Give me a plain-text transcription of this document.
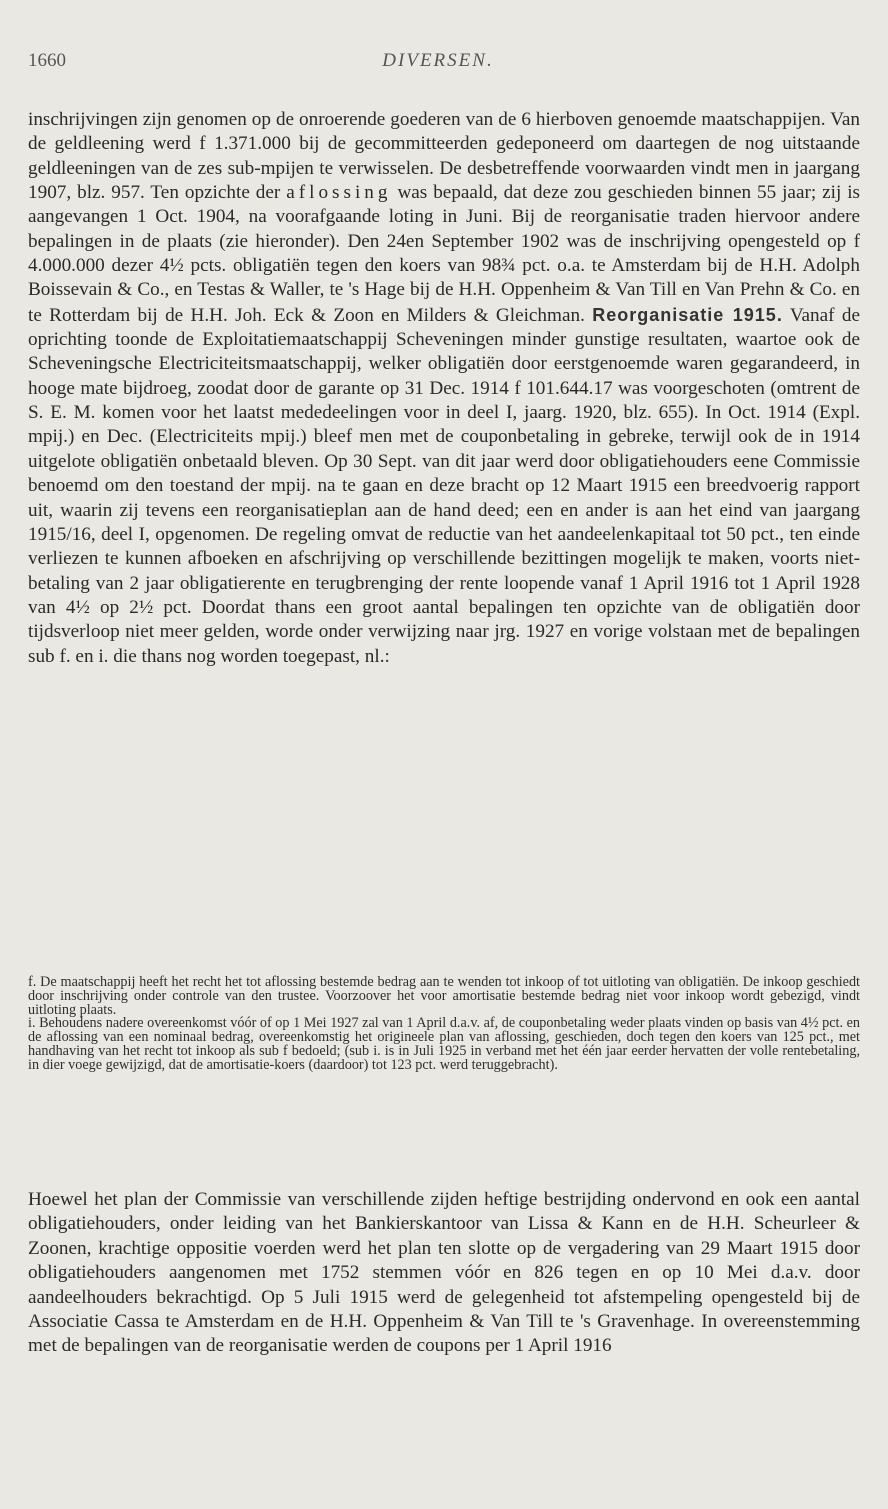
1660	DIVERSEN.
inschrijvingen zijn genomen op de onroerende goederen van de 6 hierboven genoemde maatschappijen. Van de geldleening werd f 1.371.000 bij de gecommitteerden gedeponeerd om daartegen de nog uitstaande geldleeningen van de zes sub-mpijen te verwisselen. De desbetreffende voorwaarden vindt men in jaargang 1907, blz. 957. Ten opzichte der aflossing was bepaald, dat deze zou geschieden binnen 55 jaar; zij is aangevangen 1 Oct. 1904, na voorafgaande loting in Juni. Bij de reorganisatie traden hiervoor andere bepalingen in de plaats (zie hieronder). Den 24en September 1902 was de inschrijving opengesteld op f 4.000.000 dezer 4½ pcts. obligatiën tegen den koers van 98¾ pct. o.a. te Amsterdam bij de H.H. Adolph Boissevain & Co., en Testas & Waller, te 's Hage bij de H.H. Oppenheim & Van Till en Van Prehn & Co. en te Rotterdam bij de H.H. Joh. Eck & Zoon en Milders & Gleichman. Reorganisatie 1915. Vanaf de oprichting toonde de Exploitatiemaatschappij Scheveningen minder gunstige resultaten, waartoe ook de Scheveningsche Electriciteitsmaatschappij, welker obligatiën door eerstgenoemde waren gegarandeerd, in hooge mate bijdroeg, zoodat door de garante op 31 Dec. 1914 f 101.644.17 was voorgeschoten (omtrent de S. E. M. komen voor het laatst mededeelingen voor in deel I, jaarg. 1920, blz. 655). In Oct. 1914 (Expl. mpij.) en Dec. (Electriciteits mpij.) bleef men met de couponbetaling in gebreke, terwijl ook de in 1914 uitgelote obligatiën onbetaald bleven. Op 30 Sept. van dit jaar werd door obligatiehouders eene Commissie benoemd om den toestand der mpij. na te gaan en deze bracht op 12 Maart 1915 een breedvoerig rapport uit, waarin zij tevens een reorganisatieplan aan de hand deed; een en ander is aan het eind van jaargang 1915/16, deel I, opgenomen. De regeling omvat de reductie van het aandeelenkapitaal tot 50 pct., ten einde verliezen te kunnen afboeken en afschrijving op verschillende bezittingen mogelijk te maken, voorts niet-betaling van 2 jaar obligatierente en terugbrenging der rente loopende vanaf 1 April 1916 tot 1 April 1928 van 4½ op 2½ pct. Doordat thans een groot aantal bepalingen ten opzichte van de obligatiën door tijdsverloop niet meer gelden, worde onder verwijzing naar jrg. 1927 en vorige volstaan met de bepalingen sub f. en i. die thans nog worden toegepast, nl.:

f. De maatschappij heeft het recht het tot aflossing bestemde bedrag aan te wenden tot inkoop of tot uitloting van obligatiën. De inkoop geschiedt door inschrijving onder controle van den trustee. Voorzoover het voor amortisatie bestemde bedrag niet voor inkoop wordt gebezigd, vindt uitloting plaats.

i. Behoudens nadere overeenkomst vóór of op 1 Mei 1927 zal van 1 April d.a.v. af, de couponbetaling weder plaats vinden op basis van 4½ pct. en de aflossing van een nominaal bedrag, overeenkomstig het origineele plan van aflossing, geschieden, doch tegen den koers van 125 pct., met handhaving van het recht tot inkoop als sub f bedoeld; (sub i. is in Juli 1925 in verband met het één jaar eerder hervatten der volle rentebetaling, in dier voege gewijzigd, dat de amortisatie-koers (daardoor) tot 123 pct. werd teruggebracht).

Hoewel het plan der Commissie van verschillende zijden heftige bestrijding ondervond en ook een aantal obligatiehouders, onder leiding van het Bankierskantoor van Lissa & Kann en de H.H. Scheurleer & Zoonen, krachtige oppositie voerden werd het plan ten slotte op de vergadering van 29 Maart 1915 door obligatiehouders aangenomen met 1752 stemmen vóór en 826 tegen en op 10 Mei d.a.v. door aandeelhouders bekrachtigd. Op 5 Juli 1915 werd de gelegenheid tot afstempeling opengesteld bij de Associatie Cassa te Amsterdam en de H.H. Oppenheim & Van Till te 's Gravenhage. In overeenstemming met de bepalingen van de reorganisatie werden de coupons per 1 April 1916
